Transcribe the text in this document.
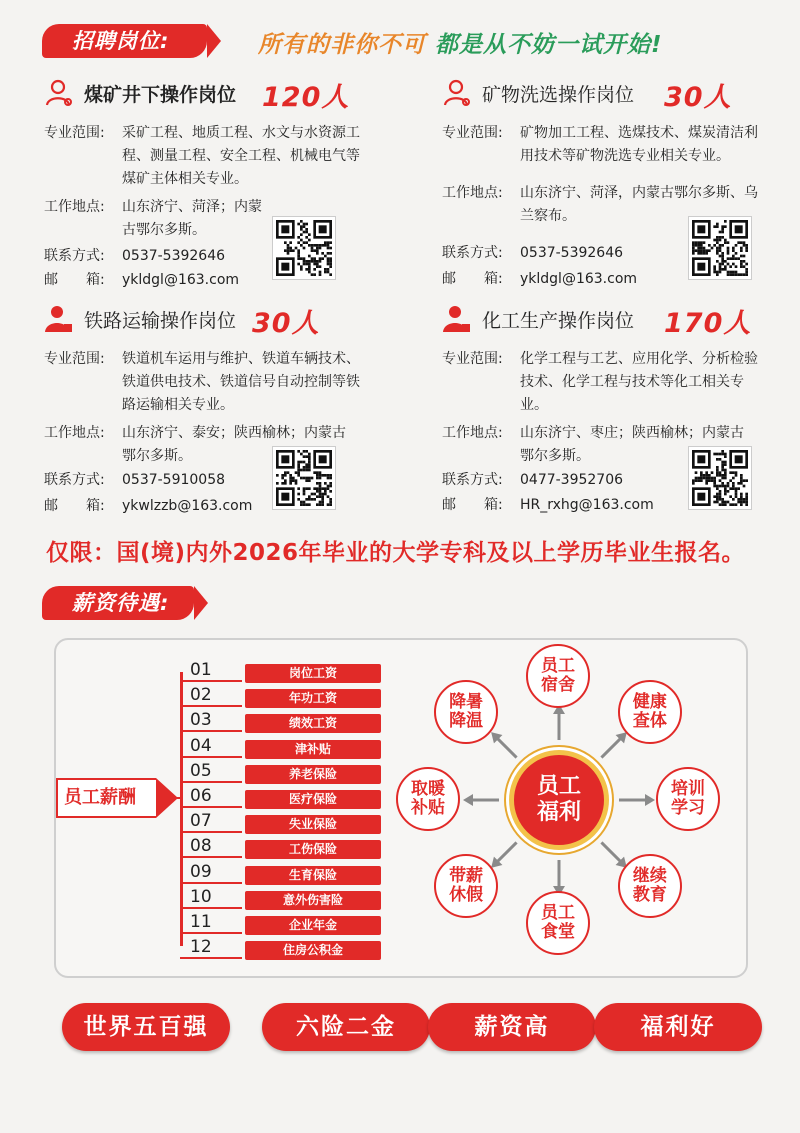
招聘岗位:	所有的非你不可 都是从不妨一试开始!
煤矿井下操作岗位 120人
专业范围: 采矿工程、地质工程、水文与水资源工程、测量工程、安全工程、机械电气等煤矿主体相关专业。
工作地点: 山东济宁、菏泽；内蒙古鄂尔多斯。
联系方式: 0537-5392646
邮　　箱: ykldgl@163.com
矿物洗选操作岗位 30人
专业范围: 矿物加工工程、选煤技术、煤炭清洁利用技术等矿物洗选专业相关专业。
工作地点: 山东济宁、菏泽，内蒙古鄂尔多斯、乌兰察布。
联系方式: 0537-5392646
邮　　箱: ykldgl@163.com
铁路运输操作岗位 30人
专业范围: 铁道机车运用与维护、铁道车辆技术、铁道供电技术、铁道信号自动控制等铁路运输相关专业。
工作地点: 山东济宁、泰安；陕西榆林；内蒙古鄂尔多斯。
联系方式: 0537-5910058
邮　　箱: ykwlzzb@163.com
化工生产操作岗位 170人
专业范围: 化学工程与工艺、应用化学、分析检验技术、化学工程与技术等化工相关专业。
工作地点: 山东济宁、枣庄；陕西榆林；内蒙古鄂尔多斯。
联系方式: 0477-3952706
邮　　箱: HR_rxhg@163.com
仅限：国(境)内外2026年毕业的大学专科及以上学历毕业生报名。
薪资待遇:
员工薪酬
01	岗位工资
02	年功工资
03	绩效工资
04	津补贴
05	养老保险
06	医疗保险
07	失业保险
08	工伤保险
09	生育保险
10	意外伤害险
11	企业年金
12	住房公积金
员工
宿舍
健康
查体
培训
学习
继续
教育
员工
食堂
带薪
休假
取暖
补贴
降暑
降温
员工
福利
世界五百强	六险二金	薪资高	福利好
